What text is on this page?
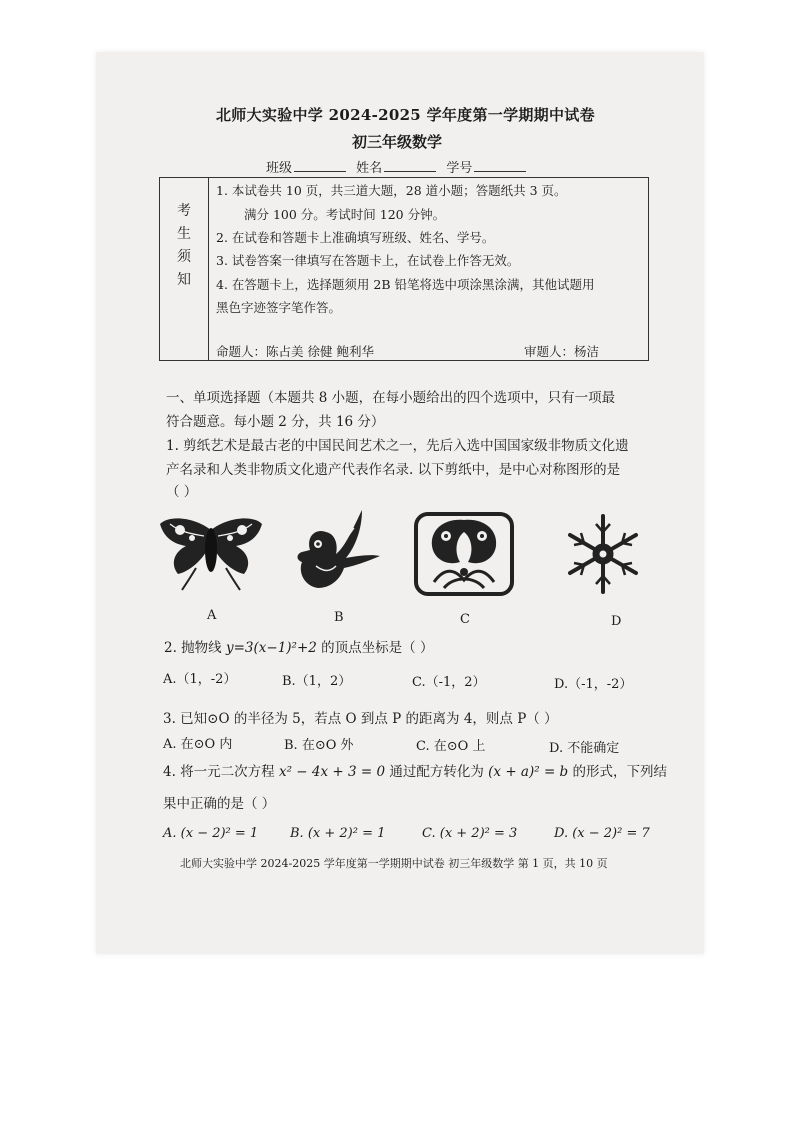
北师大实验中学 2024-2025 学年度第一学期期中试卷
初三年级数学
班级	姓名	学号
考
生
须
知
1. 本试卷共 10 页，共三道大题，28 道小题；答题纸共 3 页。
满分 100 分。考试时间 120 分钟。
2. 在试卷和答题卡上准确填写班级、姓名、学号。
3. 试卷答案一律填写在答题卡上，在试卷上作答无效。
4. 在答题卡上，选择题须用 2B 铅笔将选中项涂黑涂满，其他试题用
黑色字迹签字笔作答。
命题人：陈占美 徐健 鲍利华	审题人：杨洁
一、单项选择题（本题共 8 小题，在每小题给出的四个选项中，只有一项最
符合题意。每小题 2 分，共 16 分）
1. 剪纸艺术是最古老的中国民间艺术之一，先后入选中国国家级非物质文化遗
产名录和人类非物质文化遗产代表作名录. 以下剪纸中，是中心对称图形的是
（ ）
A	B	C	D
2. 抛物线 y=3(x−1)²+2 的顶点坐标是（ ）
A.（1，-2）	B.（1，2）	C.（-1，2）	D.（-1，-2）
3. 已知⊙O 的半径为 5，若点 O 到点 P 的距离为 4，则点 P（ ）
A. 在⊙O 内	B. 在⊙O 外	C. 在⊙O 上	D. 不能确定
4. 将一元二次方程 x² − 4x + 3 = 0 通过配方转化为 (x + a)² = b 的形式，下列结
果中正确的是（ ）
A. (x − 2)² = 1 B. (x + 2)² = 1	C. (x + 2)² = 3	D. (x − 2)² = 7
北师大实验中学 2024-2025 学年度第一学期期中试卷 初三年级数学 第 1 页，共 10 页
